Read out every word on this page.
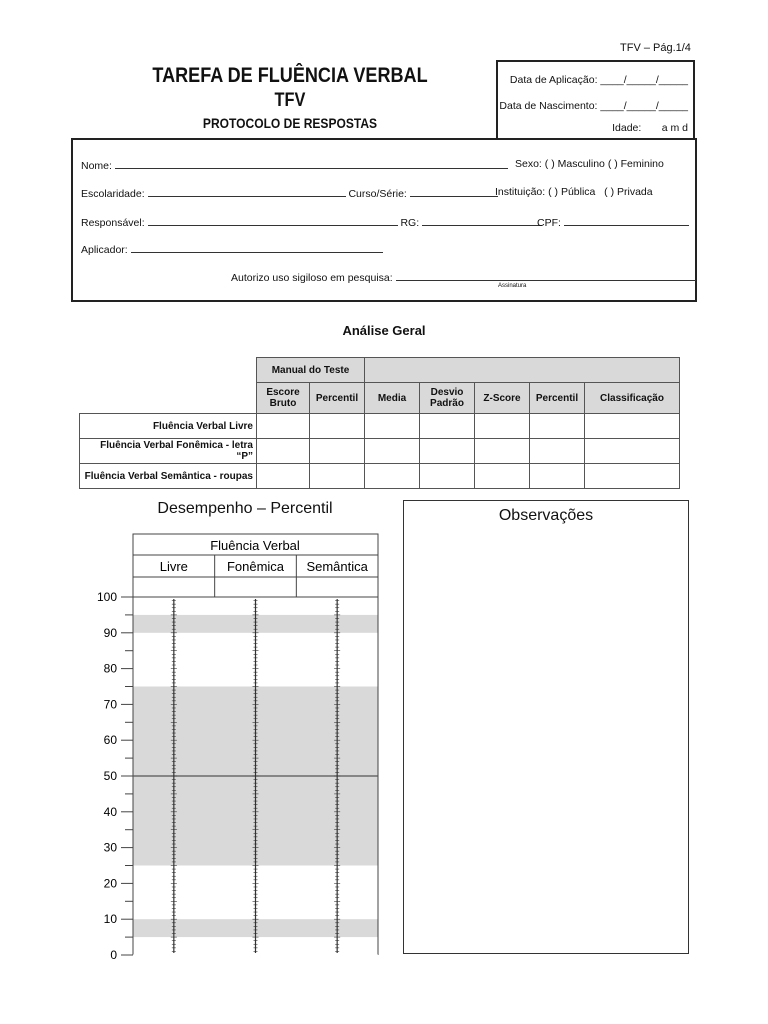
TFV – Pág.1/4
TAREFA DE FLUÊNCIA VERBAL
TFV
PROTOCOLO DE RESPOSTAS
Data de Aplicação: ____/_____/_____
Data de Nascimento: ____/_____/_____
Idade: a m d
Nome:	Sexo: ( ) Masculino ( ) Feminino
Escolaridade:	Curso/Série:	Instituição: ( ) Pública ( ) Privada
Responsável:	RG:	CPF:
Aplicador:
Autorizo uso sigiloso em pesquisa:
Assinatura
Análise Geral
	Manual do Teste						
	Escore Bruto	Percentil	Media	Desvio Padrão	Z-Score	Percentil	Classificação
Fluência Verbal Livre							
Fluência Verbal Fonêmica - letra “P”							
Fluência Verbal Semântica - roupas							
Desempenho – Percentil
0
10
20
30
40
50
60
70
80
90
100
Livre	Fonêmica Semântica
Fluência Verbal
Observações
